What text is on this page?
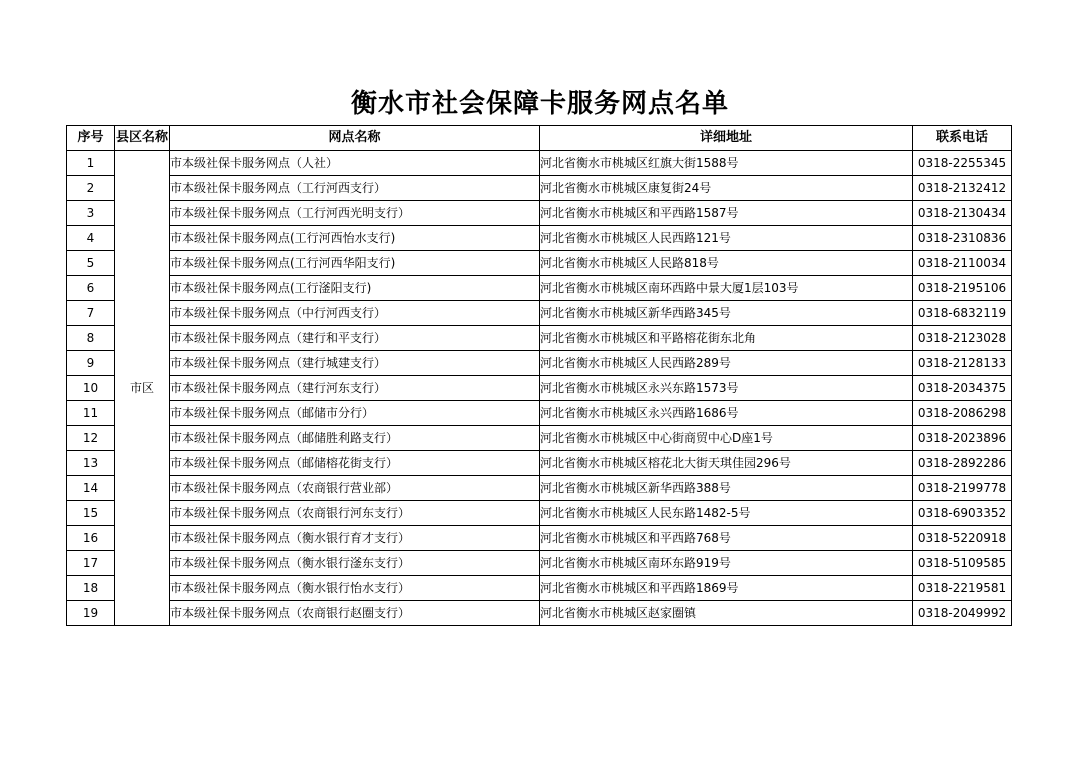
衡水市社会保障卡服务网点名单
序号	县区名称	网点名称	详细地址	联系电话
1	市区	市本级社保卡服务网点（人社）	河北省衡水市桃城区红旗大街1588号	0318-2255345
2		市本级社保卡服务网点（工行河西支行）	河北省衡水市桃城区康复街24号	0318-2132412
3		市本级社保卡服务网点（工行河西光明支行）	河北省衡水市桃城区和平西路1587号	0318-2130434
4		市本级社保卡服务网点(工行河西怡水支行)	河北省衡水市桃城区人民西路121号	0318-2310836
5		市本级社保卡服务网点(工行河西华阳支行)	河北省衡水市桃城区人民路818号	0318-2110034
6		市本级社保卡服务网点(工行滏阳支行)	河北省衡水市桃城区南环西路中景大厦1层103号	0318-2195106
7		市本级社保卡服务网点（中行河西支行）	河北省衡水市桃城区新华西路345号	0318-6832119
8		市本级社保卡服务网点（建行和平支行）	河北省衡水市桃城区和平路榕花街东北角	0318-2123028
9		市本级社保卡服务网点（建行城建支行）	河北省衡水市桃城区人民西路289号	0318-2128133
10		市本级社保卡服务网点（建行河东支行）	河北省衡水市桃城区永兴东路1573号	0318-2034375
11		市本级社保卡服务网点（邮储市分行）	河北省衡水市桃城区永兴西路1686号	0318-2086298
12		市本级社保卡服务网点（邮储胜利路支行）	河北省衡水市桃城区中心街商贸中心D座1号	0318-2023896
13		市本级社保卡服务网点（邮储榕花街支行）	河北省衡水市桃城区榕花北大街天琪佳园296号	0318-2892286
14		市本级社保卡服务网点（农商银行营业部）	河北省衡水市桃城区新华西路388号	0318-2199778
15		市本级社保卡服务网点（农商银行河东支行）	河北省衡水市桃城区人民东路1482-5号	0318-6903352
16		市本级社保卡服务网点（衡水银行育才支行）	河北省衡水市桃城区和平西路768号	0318-5220918
17		市本级社保卡服务网点（衡水银行滏东支行）	河北省衡水市桃城区南环东路919号	0318-5109585
18		市本级社保卡服务网点（衡水银行怡水支行）	河北省衡水市桃城区和平西路1869号	0318-2219581
19		市本级社保卡服务网点（农商银行赵圈支行）	河北省衡水市桃城区赵家圈镇	0318-2049992
